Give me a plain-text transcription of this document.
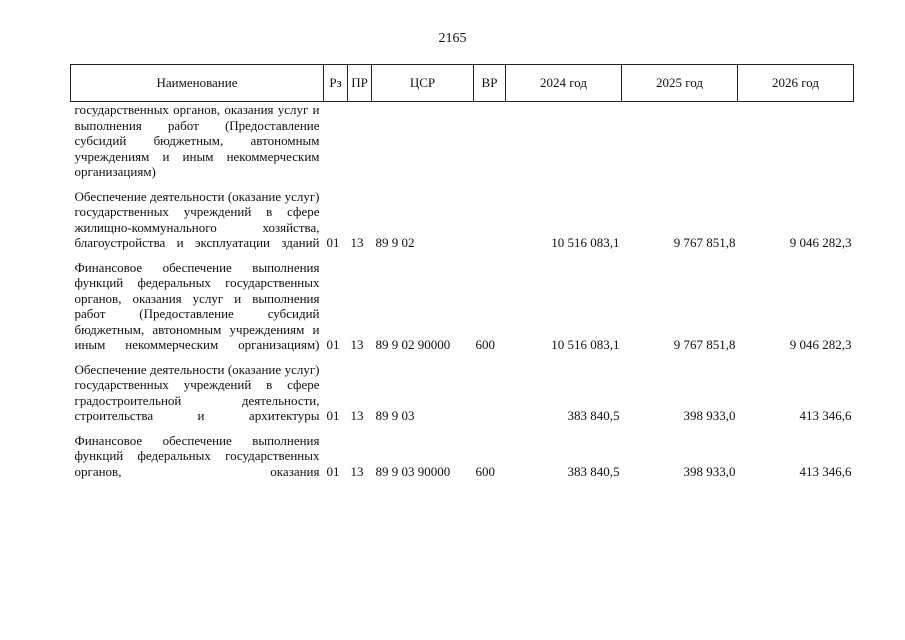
2165
Наименование	Рз	ПР	ЦСР	ВР	2024 год	2025 год	2026 год
государственных органов, оказания услуг и выполнения работ (Предоставление субсидий бюджетным, автономным учреждениям и иным некоммерческим организациям)							

Обеспечение деятельности (оказание услуг) государственных учреждений в сфере жилищно-коммунального хозяйства, благоустройства и эксплуатации зданий	01	13	89 9 02		10 516 083,1	9 767 851,8	9 046 282,3

Финансовое обеспечение выполнения функций федеральных государственных органов, оказания услуг и выполнения работ (Предоставление субсидий бюджетным, автономным учреждениям и иным некоммерческим организациям)	01	13	89 9 02 90000	600	10 516 083,1	9 767 851,8	9 046 282,3

Обеспечение деятельности (оказание услуг) государственных учреждений в сфере градостроительной деятельности, строительства и архитектуры	01	13	89 9 03		383 840,5	398 933,0	413 346,6

Финансовое обеспечение выполнения функций федеральных государственных органов, оказания	01	13	89 9 03 90000	600	383 840,5	398 933,0	413 346,6
